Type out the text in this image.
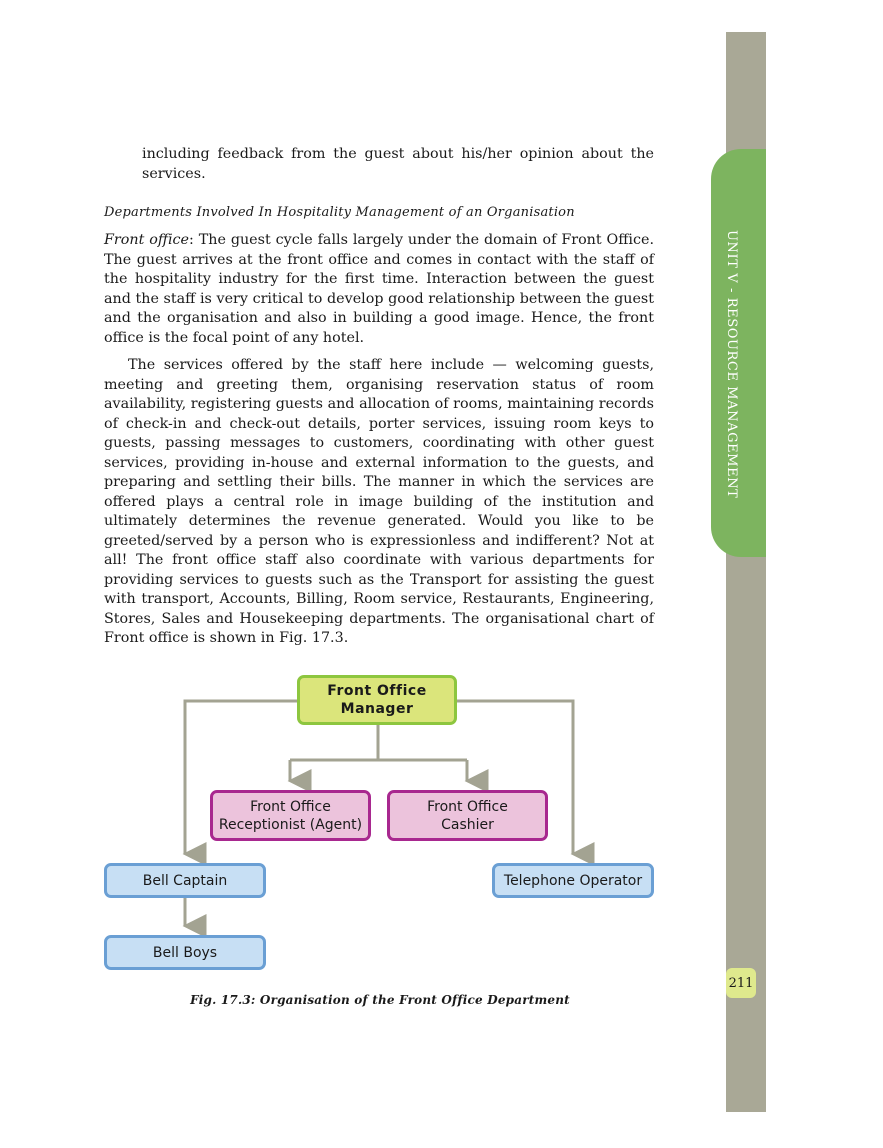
UNIT V - RESOURCE MANAGEMENT
211
including feedback from the guest about his/her opinion about the services.
Departments Involved In Hospitality Management of an Organisation
Front office: The guest cycle falls largely under the domain of Front Office. The guest arrives at the front office and comes in contact with the staff of the hospitality industry for the first time. Interaction between the guest and the staff is very critical to develop good relationship between the guest and the organisation and also in building a good image. Hence, the front office is the focal point of any hotel.
The services offered by the staff here include — welcoming guests, meeting and greeting them, organising reservation status of room availability, registering guests and allocation of rooms, maintaining records of check-in and check-out details, porter services, issuing room keys to guests, passing messages to customers, coordinating with other guest services, providing in-house and external information to the guests, and preparing and settling their bills. The manner in which the services are offered plays a central role in image building of the institution and ultimately determines the revenue generated. Would you like to be greeted/served by a person who is expressionless and indifferent? Not at all! The front office staff also coordinate with various departments for providing services to guests such as the Transport for assisting the guest with transport, Accounts, Billing, Room service, Restaurants, Engineering, Stores, Sales and Housekeeping departments. The organisational chart of Front office is shown in Fig. 17.3.
Front Office Manager
Front Office Receptionist (Agent)
Front Office Cashier
Bell Captain	Telephone Operator
Bell Boys
Fig. 17.3: Organisation of the Front Office Department
